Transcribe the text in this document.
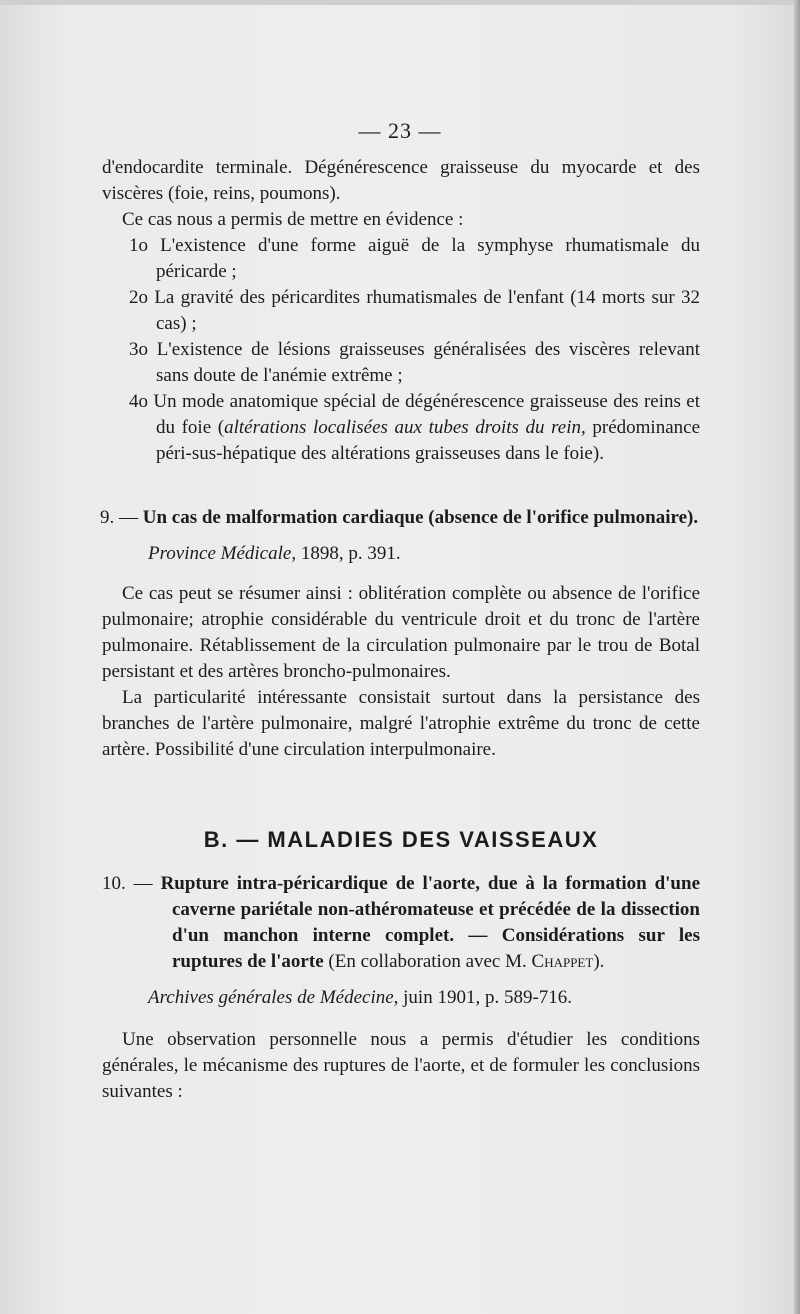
— 23 —

d'endocardite terminale. Dégénérescence graisseuse du myocarde et des viscères (foie, reins, poumons).

Ce cas nous a permis de mettre en évidence :

1o L'existence d'une forme aiguë de la symphyse rhumatismale du péricarde ;

2o La gravité des péricardites rhumatismales de l'enfant (14 morts sur 32 cas) ;

3o L'existence de lésions graisseuses généralisées des viscères relevant sans doute de l'anémie extrême ;

4o Un mode anatomique spécial de dégénérescence graisseuse des reins et du foie (altérations localisées aux tubes droits du rein, prédominance péri-sus-hépatique des altérations graisseuses dans le foie).

9. — Un cas de malformation cardiaque (absence de l'orifice pulmonaire).

Province Médicale, 1898, p. 391.

Ce cas peut se résumer ainsi : oblitération complète ou absence de l'orifice pulmonaire; atrophie considérable du ventricule droit et du tronc de l'artère pulmonaire. Rétablissement de la circulation pulmonaire par le trou de Botal persistant et des artères broncho-pulmonaires.

La particularité intéressante consistait surtout dans la persistance des branches de l'artère pulmonaire, malgré l'atrophie extrême du tronc de cette artère. Possibilité d'une circulation interpulmonaire.

B. — MALADIES DES VAISSEAUX

10. — Rupture intra-péricardique de l'aorte, due à la formation d'une caverne pariétale non-athéromateuse et précédée de la dissection d'un manchon interne complet. — Considérations sur les ruptures de l'aorte (En collaboration avec M. Chappet).

Archives générales de Médecine, juin 1901, p. 589-716.

Une observation personnelle nous a permis d'étudier les conditions générales, le mécanisme des ruptures de l'aorte, et de formuler les conclusions suivantes :
